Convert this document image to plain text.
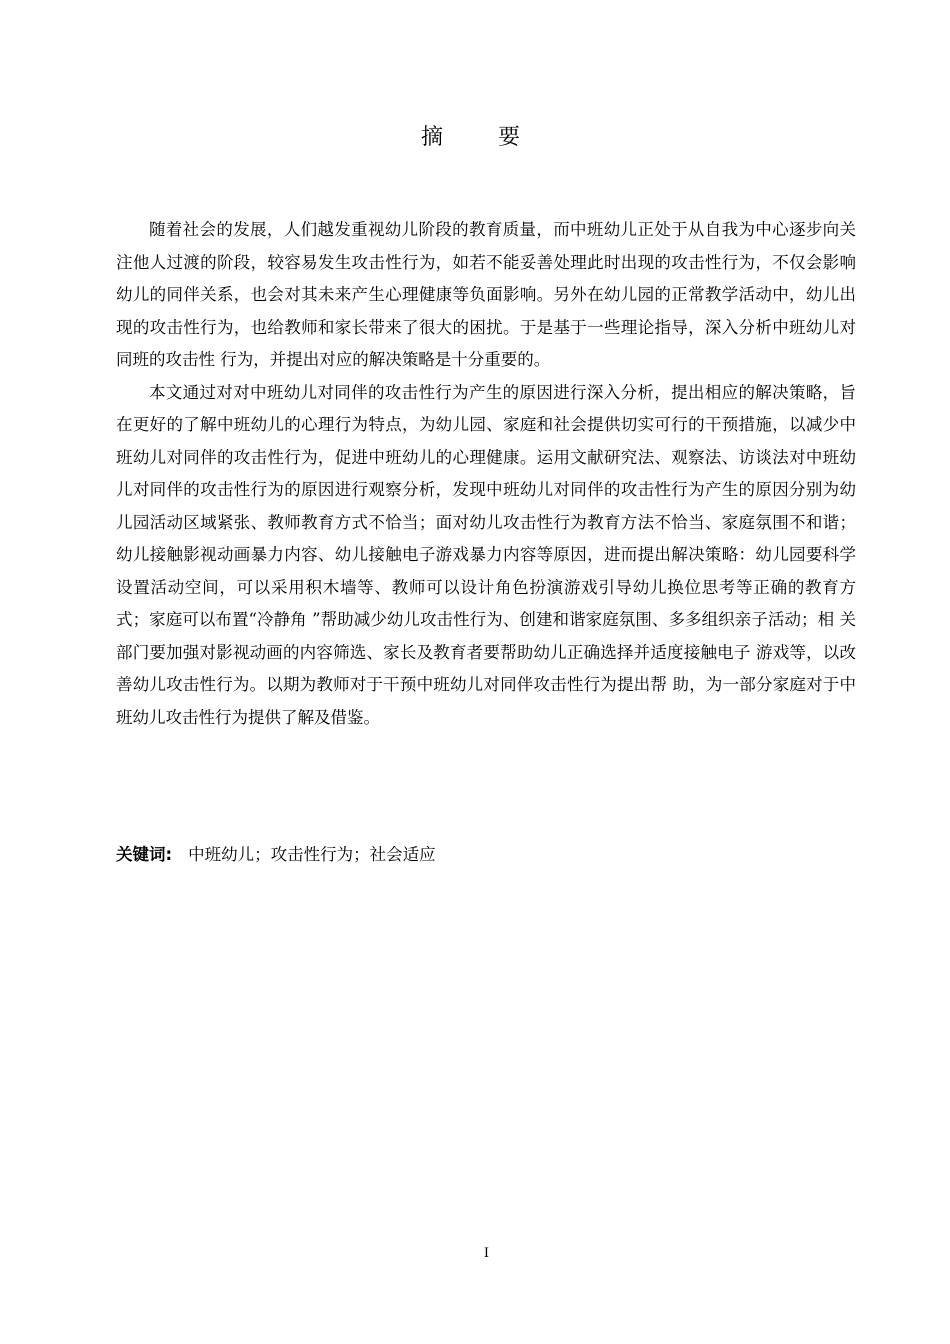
摘 要

随着社会的发展，人们越发重视幼儿阶段的教育质量，而中班幼儿正处于从自我为中心逐步向关注他人过渡的阶段，较容易发生攻击性行为，如若不能妥善处理此时出现的攻击性行为，不仅会影响幼儿的同伴关系，也会对其未来产生心理健康等负面影响。另外在幼儿园的正常教学活动中，幼儿出现的攻击性行为，也给教师和家长带来了很大的困扰。于是基于一些理论指导，深入分析中班幼儿对同班的攻击性 行为，并提出对应的解决策略是十分重要的。

本文通过对对中班幼儿对同伴的攻击性行为产生的原因进行深入分析，提出相应的解决策略，旨在更好的了解中班幼儿的心理行为特点，为幼儿园、家庭和社会提供切实可行的干预措施，以减少中班幼儿对同伴的攻击性行为，促进中班幼儿的心理健康。运用文献研究法、观察法、访谈法对中班幼儿对同伴的攻击性行为的原因进行观察分析，发现中班幼儿对同伴的攻击性行为产生的原因分别为幼儿园活动区域紧张、教师教育方式不恰当；面对幼儿攻击性行为教育方法不恰当、家庭氛围不和谐；幼儿接触影视动画暴力内容、幼儿接触电子游戏暴力内容等原因，进而提出解决策略：幼儿园要科学设置活动空间，可以采用积木墙等、教师可以设计角色扮演游戏引导幼儿换位思考等正确的教育方式；家庭可以布置“冷静角 ”帮助减少幼儿攻击性行为、创建和谐家庭氛围、多多组织亲子活动；相 关部门要加强对影视动画的内容筛选、家长及教育者要帮助幼儿正确选择并适度接触电子 游戏等，以改善幼儿攻击性行为。以期为教师对于干预中班幼儿对同伴攻击性行为提出帮 助，为一部分家庭对于中班幼儿攻击性行为提供了解及借鉴。

关键词: 中班幼儿；攻击性行为；社会适应
I
